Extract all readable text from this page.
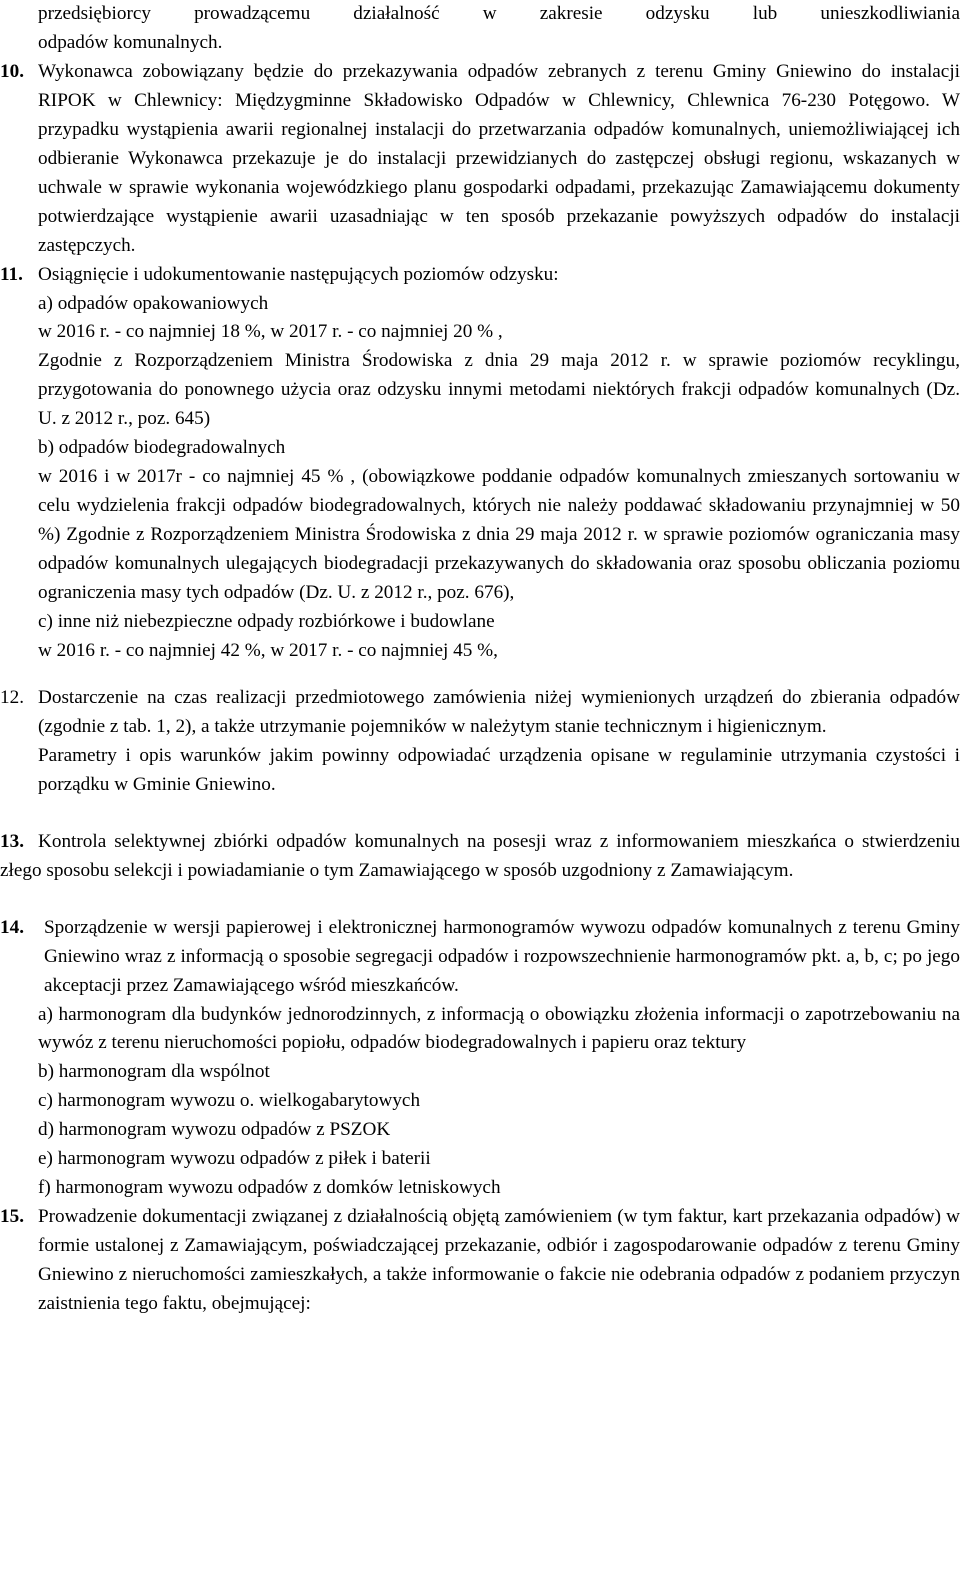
przedsiębiorcy prowadzącemu działalność w zakresie odzysku lub unieszkodliwiania

odpadów komunalnych.

10. Wykonawca zobowiązany będzie do przekazywania odpadów zebranych z terenu Gminy Gniewino do instalacji RIPOK w Chlewnicy: Międzygminne Składowisko Odpadów w Chlewnicy, Chlewnica 76-230 Potęgowo. W przypadku wystąpienia awarii regionalnej instalacji do przetwarzania odpadów komunalnych, uniemożliwiającej ich odbieranie Wykonawca przekazuje je do instalacji przewidzianych do zastępczej obsługi regionu, wskazanych w uchwale w sprawie wykonania wojewódzkiego planu gospodarki odpadami, przekazując Zamawiającemu dokumenty potwierdzające wystąpienie awarii uzasadniając w ten sposób przekazanie powyższych odpadów do instalacji zastępczych.
11. Osiągnięcie i udokumentowanie następujących poziomów odzysku:

a) odpadów opakowaniowych

w 2016 r. - co najmniej 18 %, w 2017 r. - co najmniej 20 % ,

Zgodnie z Rozporządzeniem Ministra Środowiska z dnia 29 maja 2012 r. w sprawie poziomów recyklingu, przygotowania do ponownego użycia oraz odzysku innymi metodami niektórych frakcji odpadów komunalnych (Dz. U. z 2012 r., poz. 645)

b) odpadów biodegradowalnych

w 2016 i w 2017r - co najmniej 45 % , (obowiązkowe poddanie odpadów komunalnych zmieszanych sortowaniu w celu wydzielenia frakcji odpadów biodegradowalnych, których nie należy poddawać składowaniu przynajmniej w 50 %) Zgodnie z Rozporządzeniem Ministra Środowiska z dnia 29 maja 2012 r. w sprawie poziomów ograniczania masy odpadów komunalnych ulegających biodegradacji przekazywanych do składowania oraz sposobu obliczania poziomu ograniczenia masy tych odpadów (Dz. U. z 2012 r., poz. 676),

c) inne niż niebezpieczne odpady rozbiórkowe i budowlane

w 2016 r. - co najmniej 42 %, w 2017 r. - co najmniej 45 %,

12. Dostarczenie na czas realizacji przedmiotowego zamówienia niżej wymienionych urządzeń do zbierania odpadów (zgodnie z tab. 1, 2), a także utrzymanie pojemników w należytym stanie technicznym i higienicznym.

Parametry i opis warunków jakim powinny odpowiadać urządzenia opisane w regulaminie utrzymania czystości i porządku w Gminie Gniewino.

13. Kontrola selektywnej zbiórki odpadów komunalnych na posesji wraz z informowaniem mieszkańca o stwierdzeniu złego sposobu selekcji i powiadamianie o tym Zamawiającego w sposób uzgodniony z Zamawiającym.
14.	Sporządzenie w wersji papierowej i elektronicznej harmonogramów wywozu odpadów komunalnych z terenu Gminy Gniewino wraz z informacją o sposobie segregacji odpadów i rozpowszechnienie harmonogramów pkt. a, b, c; po jego akceptacji przez Zamawiającego wśród mieszkańców.

a) harmonogram dla budynków jednorodzinnych, z informacją o obowiązku złożenia informacji o zapotrzebowaniu na wywóz z terenu nieruchomości popiołu, odpadów biodegradowalnych i papieru oraz tektury

b) harmonogram dla wspólnot

c) harmonogram wywozu o. wielkogabarytowych

d) harmonogram wywozu odpadów z PSZOK

e) harmonogram wywozu odpadów z piłek i baterii

f) harmonogram wywozu odpadów z domków letniskowych

15. Prowadzenie dokumentacji związanej z działalnością objętą zamówieniem (w tym faktur, kart przekazania odpadów) w formie ustalonej z Zamawiającym, poświadczającej przekazanie, odbiór i zagospodarowanie odpadów z terenu Gminy Gniewino z nieruchomości zamieszkałych, a także informowanie o fakcie nie odebrania odpadów z podaniem przyczyn zaistnienia tego faktu, obejmującej:
